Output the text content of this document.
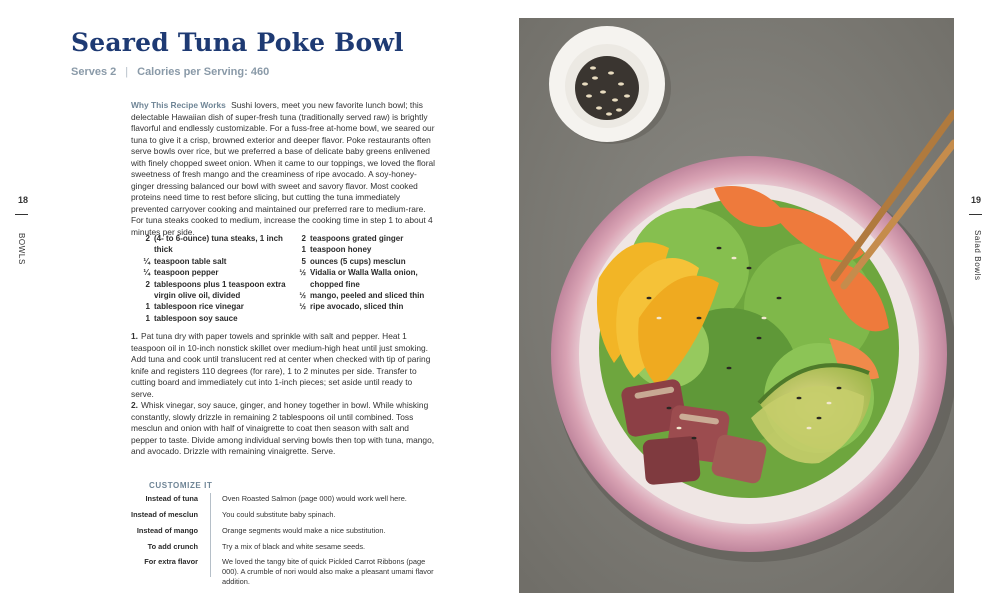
18
BOWLS
Seared Tuna Poke Bowl
Serves 2 | Calories per Serving: 460

Why This Recipe Works Sushi lovers, meet you new favorite lunch bowl; this delectable Hawaiian dish of super-fresh tuna (traditionally served raw) is brightly flavorful and endlessly customizable. For a fuss-free at-home bowl, we seared our tuna to give it a crisp, browned exterior and deeper flavor. Poke restaurants often serve bowls over rice, but we preferred a base of delicate baby greens enlivened with finely chopped sweet onion. When it came to our toppings, we loved the floral sweetness of fresh mango and the creaminess of ripe avocado. A soy-honey-ginger dressing balanced our bowl with sweet and savory flavor. Most cooked proteins need time to rest before slicing, but cutting the tuna immediately prevented carryover cooking and maintained our preferred rare to medium-rare. For tuna steaks cooked to medium, increase the cooking time in step 1 to about 4 minutes per side.

2 (4- to 6-ounce) tuna steaks, 1 inch thick
¼ teaspoon table salt
¼ teaspoon pepper
2 tablespoons plus 1 teaspoon extra virgin olive oil, divided
1 tablespoon rice vinegar
1 tablespoon soy sauce
2 teaspoons grated ginger
1 teaspoon honey
5 ounces (5 cups) mesclun
½ Vidalia or Walla Walla onion, chopped fine
½ mango, peeled and sliced thin
½ ripe avocado, sliced thin

1. Pat tuna dry with paper towels and sprinkle with salt and pepper. Heat 1 teaspoon oil in 10-inch nonstick skillet over medium-high heat until just smoking. Add tuna and cook until translucent red at center when checked with tip of paring knife and registers 110 degrees (for rare), 1 to 2 minutes per side. Transfer to cutting board and immediately cut into 1-inch pieces; set aside until ready to serve.

2. Whisk vinegar, soy sauce, ginger, and honey together in bowl. While whisking constantly, slowly drizzle in remaining 2 tablespoons oil until combined. Toss mesclun and onion with half of vinaigrette to coat then season with salt and pepper to taste. Divide among individual serving bowls then top with tuna, mango, and avocado. Drizzle with remaining vinaigrette. Serve.

CUSTOMIZE IT
Instead of tuna	Oven Roasted Salmon (page 000) would work well here.
Instead of mesclun	You could substitute baby spinach.
Instead of mango	Orange segments would make a nice substitution.
To add crunch	Try a mix of black and white sesame seeds.
For extra flavor	We loved the tangy bite of quick Pickled Carrot Ribbons (page 000). A crumble of nori would also make a pleasant umami flavor addition.
19
Salad Bowls
